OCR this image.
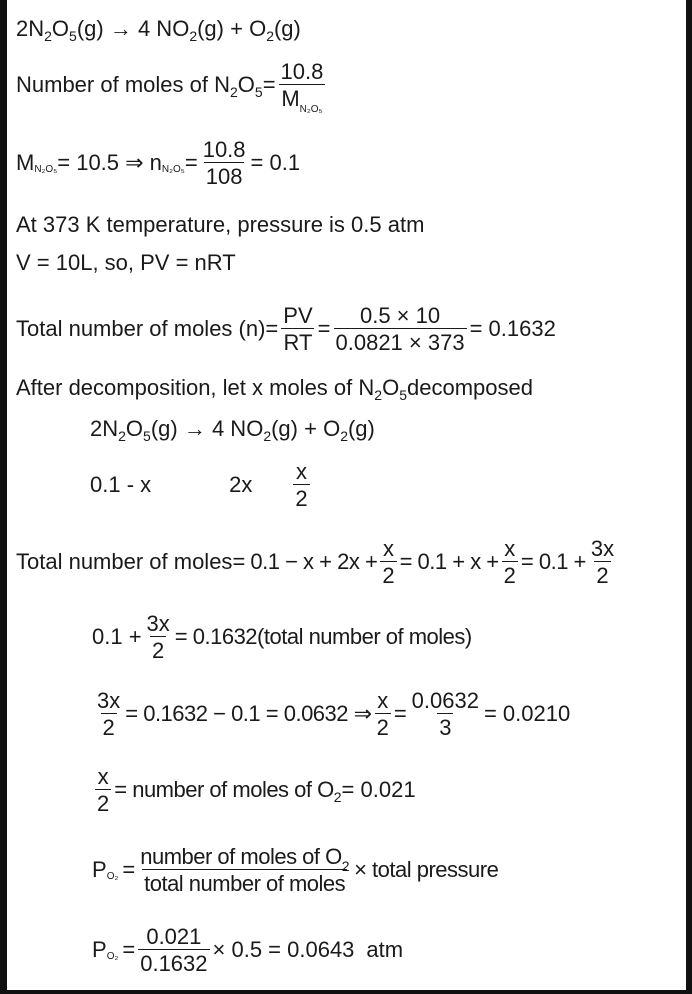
2N 2 O 5 (g) → 4 NO 2 (g) + O 2 (g)
Number of moles of N 2 O $5 = \frac{10.8}{M_{N_2O_5}}$
M N₂O₅ = 10.5 ⇒ n $N_2O_5 = \frac{10.8}{108} = 0.1$
At 373 K temperature, pressure is 0.5 atm
V = 10L, so, PV = nRT
Total number of moles $(n)= \frac{PV}{RT} = \frac{0.5 \times 10}{0.0821 \times 373} = 0.1632$
After decomposition, let x moles of N 2 O 5 decomposed
2N 2 O 5 (g) → 4 NO 2 (g) + O 2 (g)
0.1 - x	$2x \frac{x}{2}$
Total number of moles = $0.1 - x + 2x + \frac{x}{2} = 0.1 + x + \frac{x}{2} = 0.1 + \frac{3x}{2}$
$0.1 + \frac{3x}{2}$ = 0.1632(total number of moles)
$\frac{3x}{2} = 0.1632 - 0.1 = 0.0632$ ⇒ $\frac{x}{2} = \frac{0.0632}{3} = 0.0210$
$\frac{x}{2}$ = number of moles of O 2 = 0.021
P $O_2 = \frac{number of moles of O_2}{\text{total number of moles}}$ × total pressure
P $O_2 = \frac{0.021}{0.1632} \times 0.5 = 0.0643$ atm
